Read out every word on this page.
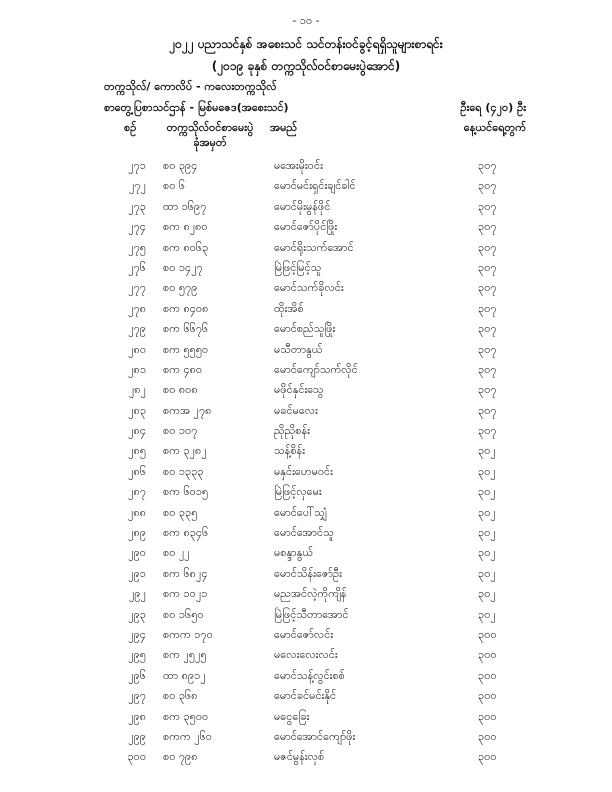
- ၁၀ -
၂၀၂၂ ပညာသင်နှစ် အစေးသင် သင်တန်းဝင်ခွင့်ရရှိသူများစာရင်း
(၂၀၁၉ ခုနှစ် တက္ကသိုလ်ဝင်စာမေးပွဲအောင်)
တက္ကသိုလ်/ ကောလိပ် - ကလေးတက္ကသိုလ်
စာတွေ့ပြစာသင်ဌာန် - မြစ်မဇေဒ(အစေးသင်)	ဦးရေ (၄၂၀) ဦး
စဉ်	တက္ကသိုလ်ဝင်စာမေးပွဲ
ခုံအမှတ်
အမည်	နေ့ယင်ရေ့တွက်
၂၇၁ စ၀ ၃၉၄	မအေးမိုးဝင်း	၃၀၇
၂၇၂ စ၀ ၆	မောင်မင်းရှင်းချင်ခါင်	၃၀၇
၂၇၃ ထာ ၁၆၉၇	မောင်မိုးမွန်ဖိုင်	၃၀၇
၂၇၄ စက ၈၂၈၀	မောင်ဇော်ပိုင်ဖြိုး	၃၀၇
၂၇၅ စက ၈၀၆၃	မောင်ရိုးသက်အောင်	၃၀၇
၂၇၆ စ၀ ၁၄၂၇	မြဲဖြင့်မြင့်သူ	၃၀၇
၂၇၇ စ၀ ၅၇၉	မောင်သက်ခိုလင်း	၃၀၇
၂၇၈ စက ၈၄၀၈	ထိုးအိစ်	၃၀၇
၂၇၉ စက ၆၆၇၆	မောင်စည်သူဖြိုး	၃၀၇
၂၈၀ စက ၅၅၅၀	မသီတာနွယ်	၃၀၇
၂၈၁ စက ၄၈၀	မောင်ကျော်သက်လိုင်	၃၀၇
၂၈၂ စ၀ ၈၀၈	မဖိုင်နှင်းသွေ	၃၀၇
၂၈၃ စကအ ၂၇၈	မခင်မလေး	၃၀၇
၂၈၄ စဝ ၁၀၇	ညိုညိုစန်း	၃၀၇
၂၈၅ စက ၃၂၈၂	သန့်စိန်း	၃၀၂
၂၈၆ စ၀ ၁၃၃၃	မနှင်းဟေမဝင်း	၃၀၂
၂၈၇ စက ၆၀၁၅	မြဲဖြင့်လှမေး	၃၀၂
၂၈၈ စ၀ ၃၃၅	မောင်ပေါ်သျှံ	၃၀၂
၂၈၉ စက ၈၃၄၆	မောင်အောင်သူ	၃၀၂
၂၉၀ စ၀ ၂၂	မစန္ဒာနွယ်	၃၀၂
၂၉၁ စက ၆၈၂၄	မောင်သိန်းဇော်ဦး	၃၀၂
၂၉၂ စက ၁၀၂၁	မညအင်လဲ့ကိုကျိန်	၃၀၂
၂၉၃ စ၀ ၁၆၅၀	မြဲဖြင့်သီတာအောင်	၃၀၂
၂၉၄ စကက ၁၇၀	မောင်ဇော်လင်း	၃၀၀
၂၉၅ စက ၂၅၂၅	မလေးလေးလင်း	၃၀၀
၂၉၆ ထာ ၈၉၁၂	မောင်သန့်လွင်းစစ်	၃၀၀
၂၉၇ စ၀ ၃၆၈	မောင်ခင်မင်းနိုင်	၃၀၀
၂၉၈ စက ၃၅၀၀	မငွေခြေး	၃၀၀
၂၉၉ စကက ၂၆၀	မောင်အောင်ကျော်ဖိုး	၃၀၀
၃၀၀ စ၀ ၇၉၈	မဇင်မွန်းလှစ်	၃၀၀
